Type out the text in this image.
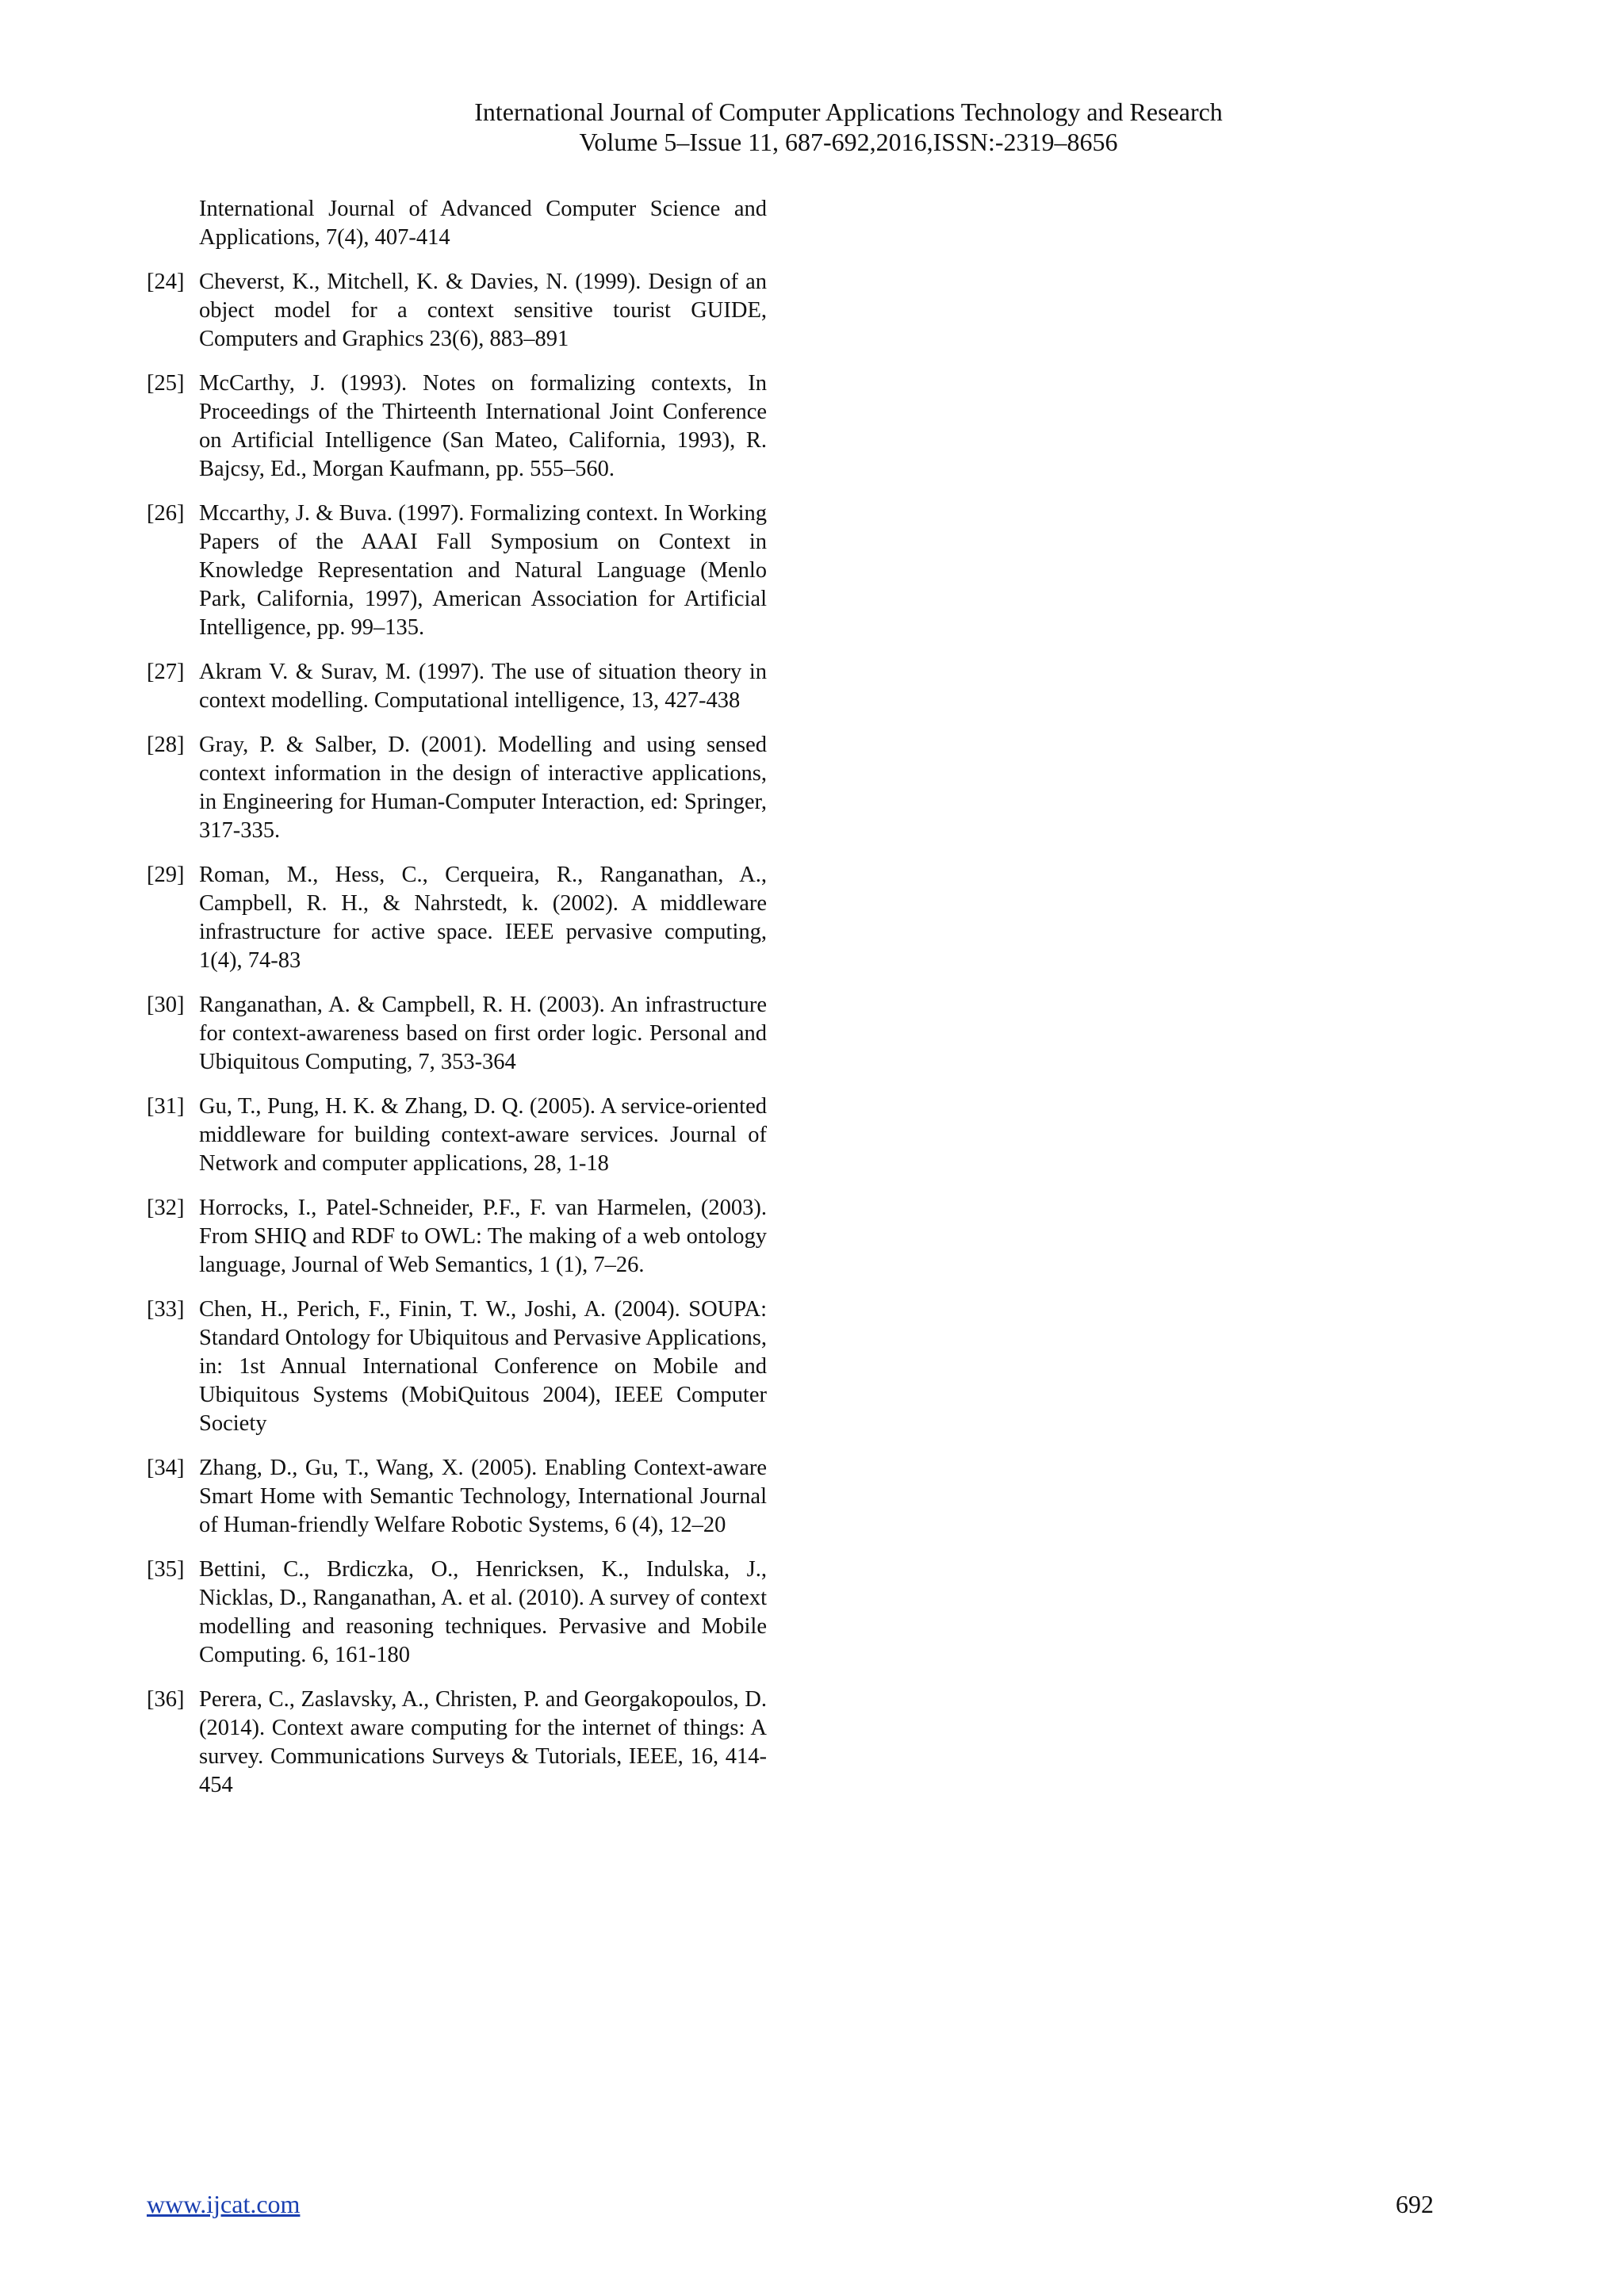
International Journal of Computer Applications Technology and Research
Volume 5–Issue 11, 687-692,2016,ISSN:-2319–8656
International Journal of Advanced Computer Science and Applications, 7(4), 407-414
[24] Cheverst, K., Mitchell, K. & Davies, N. (1999). Design of an object model for a context sensitive tourist GUIDE, Computers and Graphics 23(6), 883–891
[25] McCarthy, J. (1993). Notes on formalizing contexts, In Proceedings of the Thirteenth International Joint Conference on Artificial Intelligence (San Mateo, California, 1993), R. Bajcsy, Ed., Morgan Kaufmann, pp. 555–560.
[26] Mccarthy, J. & Buva. (1997). Formalizing context. In Working Papers of the AAAI Fall Symposium on Context in Knowledge Representation and Natural Language (Menlo Park, California, 1997), American Association for Artificial Intelligence, pp. 99–135.
[27] Akram V. & Surav, M. (1997). The use of situation theory in context modelling. Computational intelligence, 13, 427-438
[28] Gray, P. & Salber, D. (2001). Modelling and using sensed context information in the design of interactive applications, in Engineering for Human-Computer Interaction, ed: Springer, 317-335.
[29] Roman, M., Hess, C., Cerqueira, R., Ranganathan, A., Campbell, R. H., & Nahrstedt, k. (2002). A middleware infrastructure for active space. IEEE pervasive computing, 1(4), 74-83
[30] Ranganathan, A. & Campbell, R. H. (2003). An infrastructure for context-awareness based on first order logic. Personal and Ubiquitous Computing, 7, 353-364
[31] Gu, T., Pung, H. K. & Zhang, D. Q. (2005). A service-oriented middleware for building context-aware services. Journal of Network and computer applications, 28, 1-18
[32] Horrocks, I., Patel-Schneider, P.F., F. van Harmelen, (2003). From SHIQ and RDF to OWL: The making of a web ontology language, Journal of Web Semantics, 1 (1), 7–26.
[33] Chen, H., Perich, F., Finin, T. W., Joshi, A. (2004). SOUPA: Standard Ontology for Ubiquitous and Pervasive Applications, in: 1st Annual International Conference on Mobile and Ubiquitous Systems (MobiQuitous 2004), IEEE Computer Society
[34] Zhang, D., Gu, T., Wang, X. (2005). Enabling Context-aware Smart Home with Semantic Technology, International Journal of Human-friendly Welfare Robotic Systems, 6 (4), 12–20
[35] Bettini, C., Brdiczka, O., Henricksen, K., Indulska, J., Nicklas, D., Ranganathan, A. et al. (2010). A survey of context modelling and reasoning techniques. Pervasive and Mobile Computing. 6, 161-180
[36] Perera, C., Zaslavsky, A., Christen, P. and Georgakopoulos, D. (2014). Context aware computing for the internet of things: A survey. Communications Surveys & Tutorials, IEEE, 16, 414-454
www.ijcat.com	692
